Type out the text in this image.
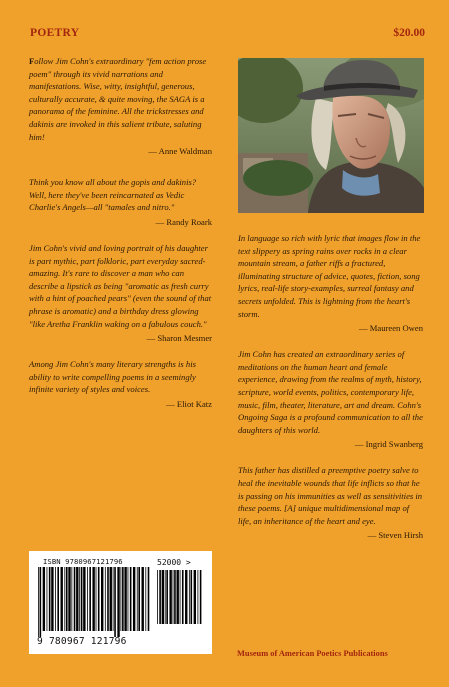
POETRY	$20.00

Follow Jim Cohn's extraordinary "fem action prose poem" through its vivid narrations and manifestations. Wise, witty, insightful, generous, culturally accurate, & quite moving, the SAGA is a panorama of the feminine. All the trickstresses and dakinis are invoked in this salient tribute, saluting him!

— Anne Waldman

Think you know all about the gopis and dakinis? Well, here they've been reincarnated as Vedic Charlie's Angels—all "tamales and nitro."

— Randy Roark

Jim Cohn's vivid and loving portrait of his daughter is part mythic, part folkloric, part everyday sacred-amazing. It's rare to discover a man who can describe a lipstick as being "aromatic as fresh curry with a hint of poached pears" (even the sound of that phrase is aromatic) and a birthday dress glowing "like Aretha Franklin waking on a fabulous couch."

— Sharon Mesmer

Among Jim Cohn's many literary strengths is his ability to write compelling poems in a seemingly infinite variety of styles and voices.

— Eliot Katz

In language so rich with lyric that images flow in the text slippery as spring rains over rocks in a clear mountain stream, a father riffs a fractured, illuminating structure of advice, quotes, fiction, song lyrics, real-life story-examples, surreal fantasy and secrets unfolded. This is lightning from the heart's storm.

— Maureen Owen

Jim Cohn has created an extraordinary series of meditations on the human heart and female experience, drawing from the realms of myth, history, scripture, world events, politics, contemporary life, music, film, theater, literature, art and dream. Cohn's Ongoing Saga is a profound communication to all the daughters of this world.

— Ingrid Swanberg

This father has distilled a preemptive poetry salve to heal the inevitable wounds that life inflicts so that he is passing on his immunities as well as sensitivities in these poems. [A] unique multidimensional map of life, an inheritance of the heart and eye.

— Steven Hirsh
ISBN 9780967121796	52000 >
9 780967 121796
Museum of American Poetics Publications
